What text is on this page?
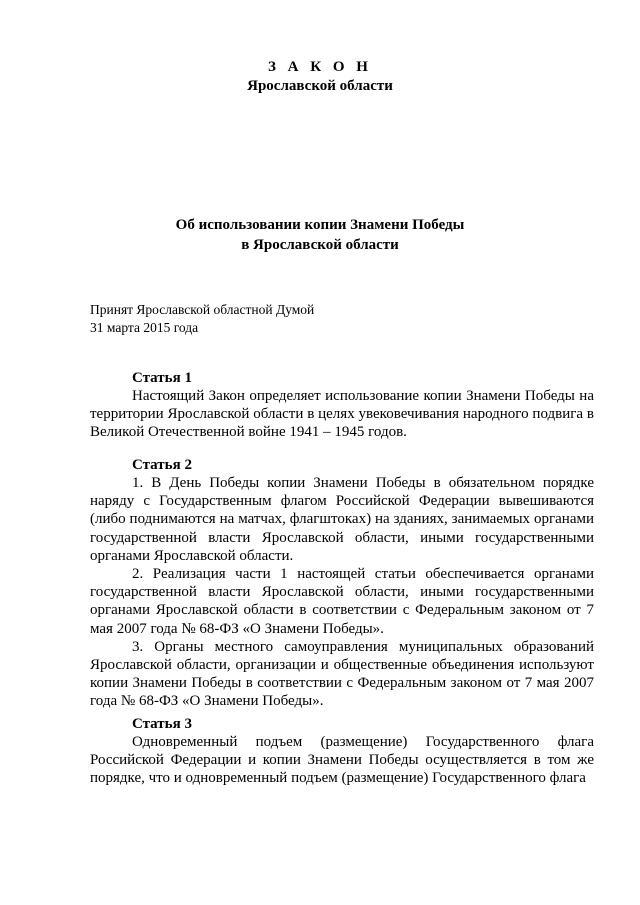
З А К О Н

Ярославской области

Об использовании копии Знамени Победы
в Ярославской области

Принят Ярославской областной Думой
31 марта 2015 года

Статья 1

Настоящий Закон определяет использование копии Знамени Победы на территории Ярославской области в целях увековечивания народного подвига в Великой Отечественной войне 1941 – 1945 годов.

Статья 2

1. В День Победы копии Знамени Победы в обязательном порядке наряду с Государственным флагом Российской Федерации вывешиваются (либо поднимаются на матчах, флагштоках) на зданиях, занимаемых органами государственной власти Ярославской области, иными государственными органами Ярославской области.

2. Реализация части 1 настоящей статьи обеспечивается органами государственной власти Ярославской области, иными государственными органами Ярославской области в соответствии с Федеральным законом от 7 мая 2007 года № 68-ФЗ «О Знамени Победы».

3. Органы местного самоуправления муниципальных образований Ярославской области, организации и общественные объединения используют копии Знамени Победы в соответствии с Федеральным законом от 7 мая 2007 года № 68-ФЗ «О Знамени Победы».

Статья 3

Одновременный подъем (размещение) Государственного флага Российской Федерации и копии Знамени Победы осуществляется в том же порядке, что и одновременный подъем (размещение) Государственного флага
